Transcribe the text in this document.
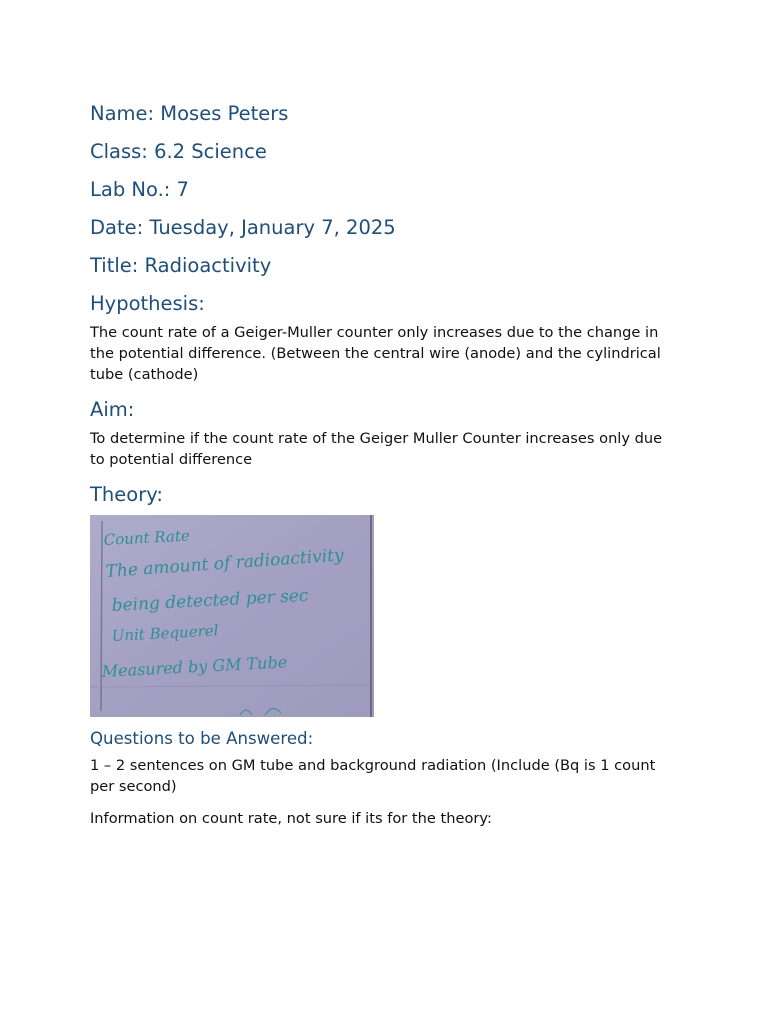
Name: Moses Peters
Class: 6.2 Science
Lab No.: 7
Date: Tuesday, January 7, 2025
Title: Radioactivity
Hypothesis:

The count rate of a Geiger-Muller counter only increases due to the change in the potential difference. (Between the central wire (anode) and the cylindrical tube (cathode)

Aim:

To determine if the count rate of the Geiger Muller Counter increases only due to potential difference

Theory:
Count Rate
The amount of radioactivity
being detected per sec
Unit Bequerel
Measured by GM Tube
Questions to be Answered:

1 – 2 sentences on GM tube and background radiation (Include (Bq is 1 count per second)

Information on count rate, not sure if its for the theory:
